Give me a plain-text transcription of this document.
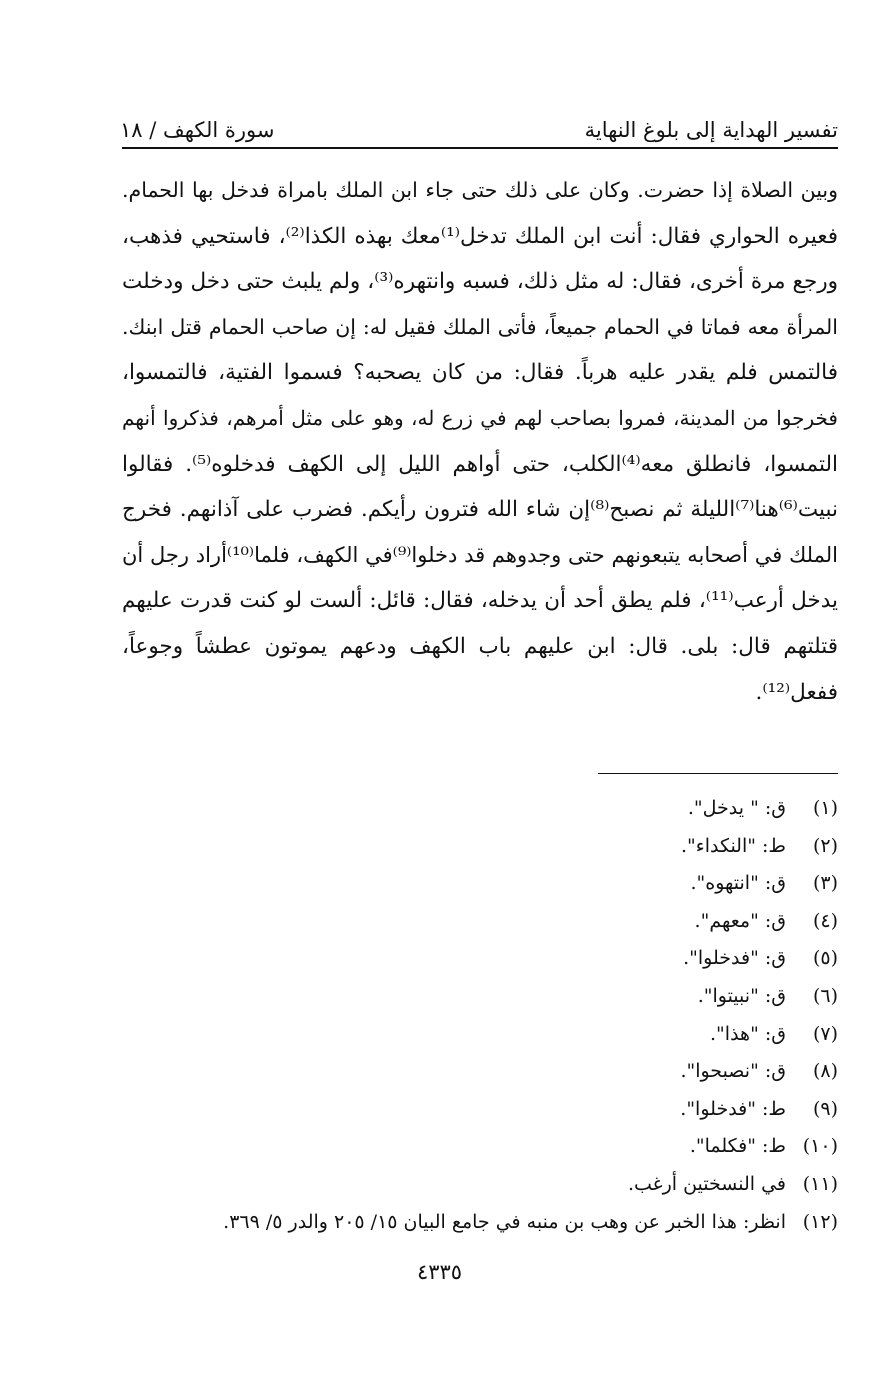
تفسير الهداية إلى بلوغ النهاية
سورة الكهف / ١٨
وبين الصلاة إذا حضرت. وكان على ذلك حتى جاء ابن الملك بامراة فدخل بها الحمام.
فعيره الحواري فقال: أنت ابن الملك تدخل⁽¹⁾معك بهذه الكذا⁽²⁾، فاستحيي فذهب،
ورجع مرة أخرى، فقال: له مثل ذلك، فسبه وانتهره⁽³⁾، ولم يلبث حتى دخل ودخلت
المرأة معه فماتا في الحمام جميعاً، فأتى الملك فقيل له: إن صاحب الحمام قتل ابنك.
فالتمس فلم يقدر عليه هرباً. فقال: من كان يصحبه؟ فسموا الفتية، فالتمسوا،
فخرجوا من المدينة، فمروا بصاحب لهم في زرع له، وهو على مثل أمرهم، فذكروا أنهم
التمسوا، فانطلق معه⁽⁴⁾الكلب، حتى أواهم الليل إلى الكهف فدخلوه⁽⁵⁾. فقالوا
نبيت⁽⁶⁾هنا⁽⁷⁾الليلة ثم نصبح⁽⁸⁾إن شاء الله فترون رأيكم. فضرب على آذانهم. فخرج
الملك في أصحابه يتبعونهم حتى وجدوهم قد دخلوا⁽⁹⁾في الكهف، فلما⁽¹⁰⁾أراد رجل أن
يدخل أرعب⁽¹¹⁾، فلم يطق أحد أن يدخله، فقال: قائل: ألست لو كنت قدرت عليهم
قتلتهم قال: بلى. قال: ابن عليهم باب الكهف ودعهم يموتون عطشاً وجوعاً،
ففعل⁽¹²⁾.
(١)
ق: " يدخل".
(٢)
ط: "النكداء".
(٣)
ق: "انتهوه".
(٤)
ق: "معهم".
(٥)
ق: "فدخلوا".
(٦)
ق: "نبيتوا".
(٧)
ق: "هذا".
(٨)
ق: "نصبحوا".
(٩)
ط: "فدخلوا".
(١٠)
ط: "فكلما".
(١١)
في النسختين أرغب.
(١٢)
انظر: هذا الخبر عن وهب بن منبه في جامع البيان ١٥/ ٢٠٥ والدر ٥/ ٣٦٩.
٤٣٣٥
